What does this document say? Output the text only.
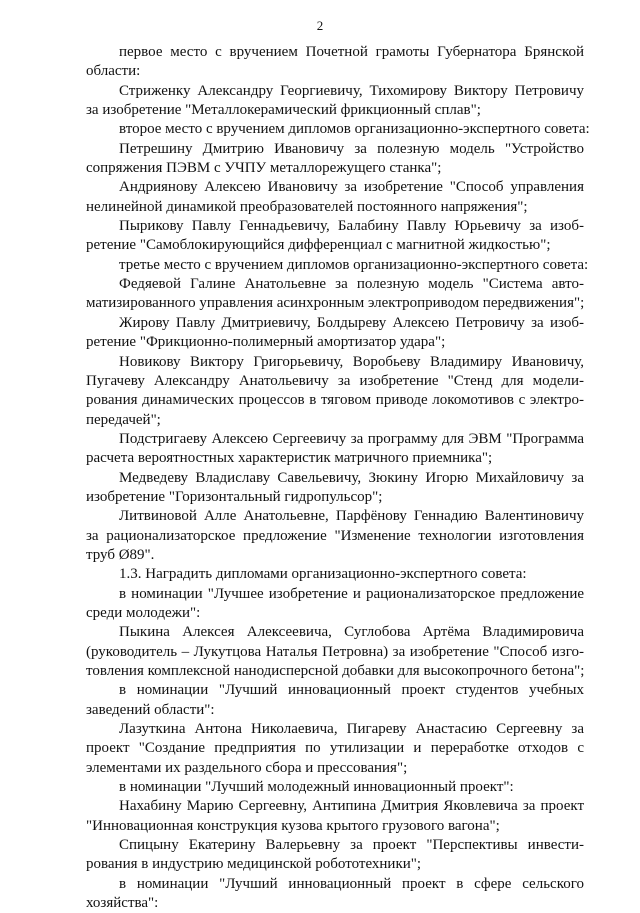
2

первое место с вручением Почетной грамоты Губернатора Брянской
области:

Стриженку Александру Георгиевичу, Тихомирову Виктору Петровичу
за изобретение "Металлокерамический фрикционный сплав";

второе место с вручением дипломов организационно-экспертного совета:

Петрешину Дмитрию Ивановичу за полезную модель "Устройство
сопряжения ПЭВМ с УЧПУ металлорежущего станка";

Андриянову Алексею Ивановичу за изобретение "Способ управления
нелинейной динамикой преобразователей постоянного напряжения";

Пырикову Павлу Геннадьевичу, Балабину Павлу Юрьевичу за изоб-
ретение "Самоблокирующийся дифференциал с магнитной жидкостью";

третье место с вручением дипломов организационно-экспертного совета:

Федяевой Галине Анатольевне за полезную модель "Система авто-
матизированного управления асинхронным электроприводом передвижения";

Жирову Павлу Дмитриевичу, Болдыреву Алексею Петровичу за изоб-
ретение "Фрикционно-полимерный амортизатор удара";

Новикову Виктору Григорьевичу, Воробьеву Владимиру Ивановичу,
Пугачеву Александру Анатольевичу за изобретение "Стенд для модели-
рования динамических процессов в тяговом приводе локомотивов с электро-
передачей";

Подстригаеву Алексею Сергеевичу за программу для ЭВМ "Программа
расчета вероятностных характеристик матричного приемника";

Медведеву Владиславу Савельевичу, Зюкину Игорю Михайловичу за
изобретение "Горизонтальный гидропульсор";

Литвиновой Алле Анатольевне, Парфёнову Геннадию Валентиновичу
за рационализаторское предложение "Изменение технологии изготовления
труб Ø89".

1.3. Наградить дипломами организационно-экспертного совета:

в номинации "Лучшее изобретение и рационализаторское предложение
среди молодежи":

Пыкина Алексея Алексеевича, Суглобова Артёма Владимировича
(руководитель – Лукутцова Наталья Петровна) за изобретение "Способ изго-
товления комплексной нанодисперсной добавки для высокопрочного бетона";

в номинации "Лучший инновационный проект студентов учебных
заведений области":

Лазуткина Антона Николаевича, Пигареву Анастасию Сергеевну за
проект "Создание предприятия по утилизации и переработке отходов с
элементами их раздельного сбора и прессования";

в номинации "Лучший молодежный инновационный проект":

Нахабину Марию Сергеевну, Антипина Дмитрия Яковлевича за проект
"Инновационная конструкция кузова крытого грузового вагона";

Спицыну Екатерину Валерьевну за проект "Перспективы инвести-
рования в индустрию медицинской робототехники";

в номинации "Лучший инновационный проект в сфере сельского
хозяйства":
